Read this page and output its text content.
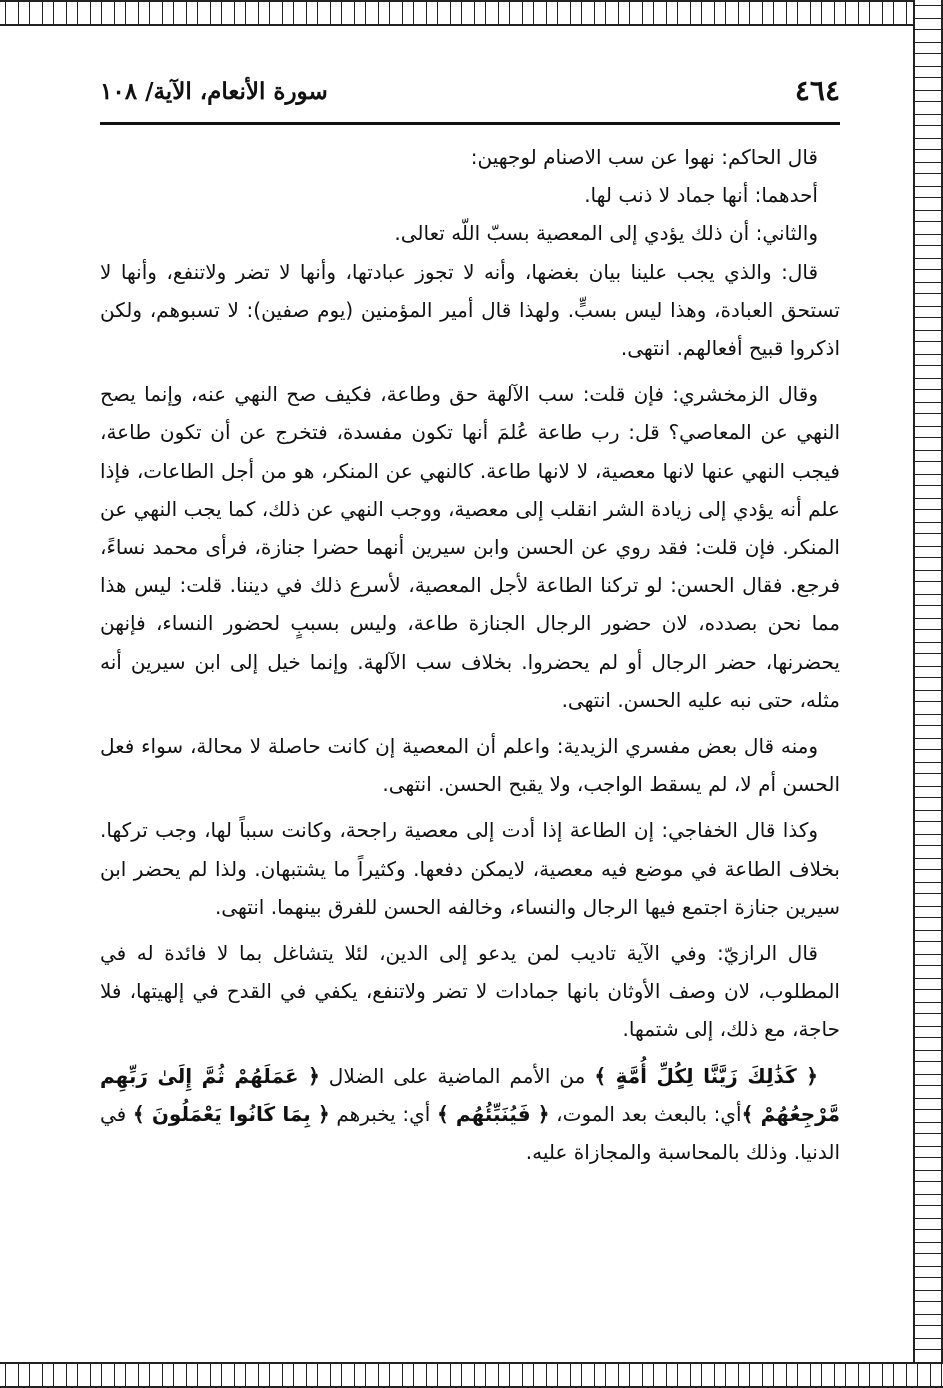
٤٦٤
سورة الأنعام، الآية/ ١٠٨

قال الحاكم: نهوا عن سب الاصنام لوجهين:

أحدهما: أنها جماد لا ذنب لها.

والثاني: أن ذلك يؤدي إلى المعصية بسبّ اللّه تعالى.

قال: والذي يجب علينا بيان بغضها، وأنه لا تجوز عبادتها، وأنها لا تضر ولاتنفع، وأنها لا تستحق العبادة، وهذا ليس بسبٍّ. ولهذا قال أمير المؤمنين (يوم صفين): لا تسبوهم، ولكن اذكروا قبيح أفعالهم. انتهى.

وقال الزمخشري: فإن قلت: سب الآلهة حق وطاعة، فكيف صح النهي عنه، وإنما يصح النهي عن المعاصي؟ قل: رب طاعة عُلمَ أنها تكون مفسدة، فتخرج عن أن تكون طاعة، فيجب النهي عنها لانها معصية، لا لانها طاعة. كالنهي عن المنكر، هو من أجل الطاعات، فإذا علم أنه يؤدي إلى زيادة الشر انقلب إلى معصية، ووجب النهي عن ذلك، كما يجب النهي عن المنكر. فإن قلت: فقد روي عن الحسن وابن سيرين أنهما حضرا جنازة، فرأى محمد نساءً، فرجع. فقال الحسن: لو تركنا الطاعة لأجل المعصية، لأسرع ذلك في ديننا. قلت: ليس هذا مما نحن بصدده، لان حضور الرجال الجنازة طاعة، وليس بسببٍ لحضور النساء، فإنهن يحضرنها، حضر الرجال أو لم يحضروا. بخلاف سب الآلهة. وإنما خيل إلى ابن سيرين أنه مثله، حتى نبه عليه الحسن. انتهى.

ومنه قال بعض مفسري الزيدية: واعلم أن المعصية إن كانت حاصلة لا محالة، سواء فعل الحسن أم لا، لم يسقط الواجب، ولا يقبح الحسن. انتهى.

وكذا قال الخفاجي: إن الطاعة إذا أدت إلى معصية راجحة، وكانت سبباً لها، وجب تركها. بخلاف الطاعة في موضع فيه معصية، لايمكن دفعها. وكثيراً ما يشتبهان. ولذا لم يحضر ابن سيرين جنازة اجتمع فيها الرجال والنساء، وخالفه الحسن للفرق بينهما. انتهى.

قال الرازيّ: وفي الآية تاديب لمن يدعو إلى الدين، لئلا يتشاغل بما لا فائدة له في المطلوب، لان وصف الأوثان بانها جمادات لا تضر ولاتنفع، يكفي في القدح في إلهيتها، فلا حاجة، مع ذلك، إلى شتمها.

﴿ كَذَٰلِكَ زَيَّنَّا لِكُلِّ أُمَّةٍ ﴾ من الأمم الماضية على الضلال ﴿ عَمَلَهُمْ ثُمَّ إِلَىٰ رَبِّهِم مَّرْجِعُهُمْ ﴾أي: بالبعث بعد الموت، ﴿ فَيُنَبِّئُهُم ﴾ أي: يخبرهم ﴿ بِمَا كَانُوا يَعْمَلُونَ ﴾ في الدنيا. وذلك بالمحاسبة والمجازاة عليه.
